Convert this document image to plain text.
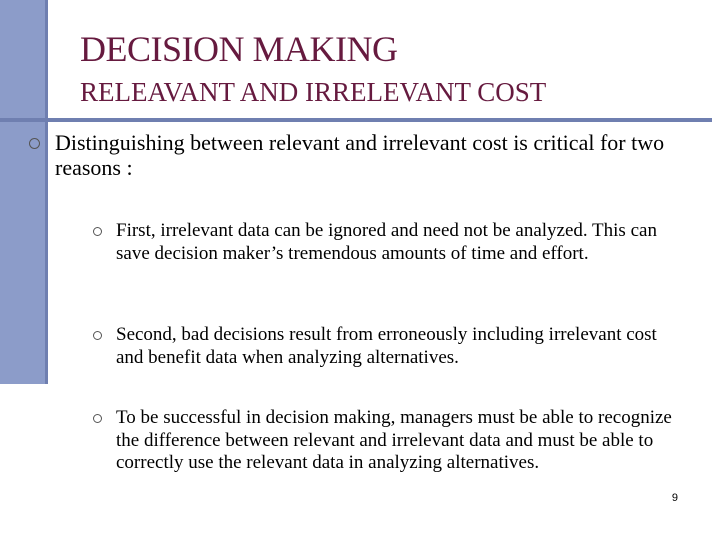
DECISION MAKING
RELEAVANT AND IRRELEVANT COST
Distinguishing between relevant and irrelevant cost is critical for two reasons :
First, irrelevant data can be ignored and need not be analyzed. This can save decision maker’s tremendous amounts of time and effort.
Second, bad decisions result from erroneously including irrelevant cost and benefit data when analyzing alternatives.
To be successful in decision making, managers must be able to recognize the difference between relevant and irrelevant data and must be able to correctly use the relevant data in analyzing alternatives.
9
